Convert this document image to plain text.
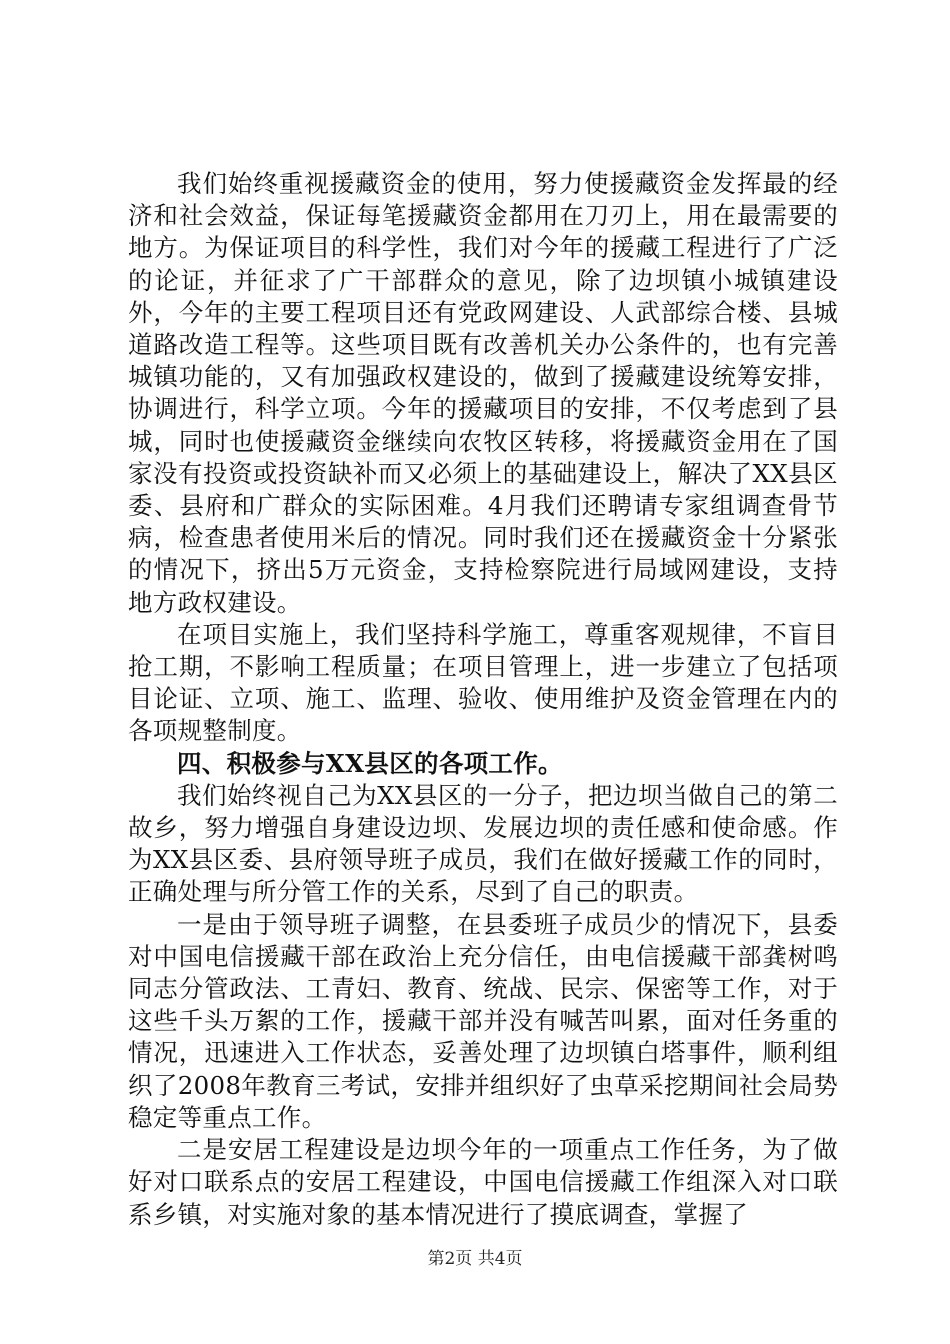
我们始终重视援藏资金的使用，努力使援藏资金发挥最的经济和社会效益，保证每笔援藏资金都用在刀刃上，用在最需要的地方。为保证项目的科学性，我们对今年的援藏工程进行了广泛的论证，并征求了广干部群众的意见，除了边坝镇小城镇建设外，今年的主要工程项目还有党政网建设、人武部综合楼、县城道路改造工程等。这些项目既有改善机关办公条件的，也有完善城镇功能的，又有加强政权建设的，做到了援藏建设统筹安排，协调进行，科学立项。今年的援藏项目的安排，不仅考虑到了县城，同时也使援藏资金继续向农牧区转移，将援藏资金用在了国家没有投资或投资缺补而又必须上的基础建设上，解决了XX县区委、县府和广群众的实际困难。4月我们还聘请专家组调查骨节病，检查患者使用米后的情况。同时我们还在援藏资金十分紧张的情况下，挤出5万元资金，支持检察院进行局域网建设，支持地方政权建设。

在项目实施上，我们坚持科学施工，尊重客观规律，不盲目抢工期，不影响工程质量；在项目管理上，进一步建立了包括项目论证、立项、施工、监理、验收、使用维护及资金管理在内的各项规整制度。

四、积极参与XX县区的各项工作。

我们始终视自己为XX县区的一分子，把边坝当做自己的第二故乡，努力增强自身建设边坝、发展边坝的责任感和使命感。作为XX县区委、县府领导班子成员，我们在做好援藏工作的同时，正确处理与所分管工作的关系，尽到了自己的职责。

一是由于领导班子调整，在县委班子成员少的情况下，县委对中国电信援藏干部在政治上充分信任，由电信援藏干部龚树鸣同志分管政法、工青妇、教育、统战、民宗、保密等工作，对于这些千头万絮的工作，援藏干部并没有喊苦叫累，面对任务重的情况，迅速进入工作状态，妥善处理了边坝镇白塔事件，顺利组织了2008年教育三考试，安排并组织好了虫草采挖期间社会局势稳定等重点工作。

二是安居工程建设是边坝今年的一项重点工作任务，为了做好对口联系点的安居工程建设，中国电信援藏工作组深入对口联系乡镇，对实施对象的基本情况进行了摸底调查，掌握了

第2页 共4页
